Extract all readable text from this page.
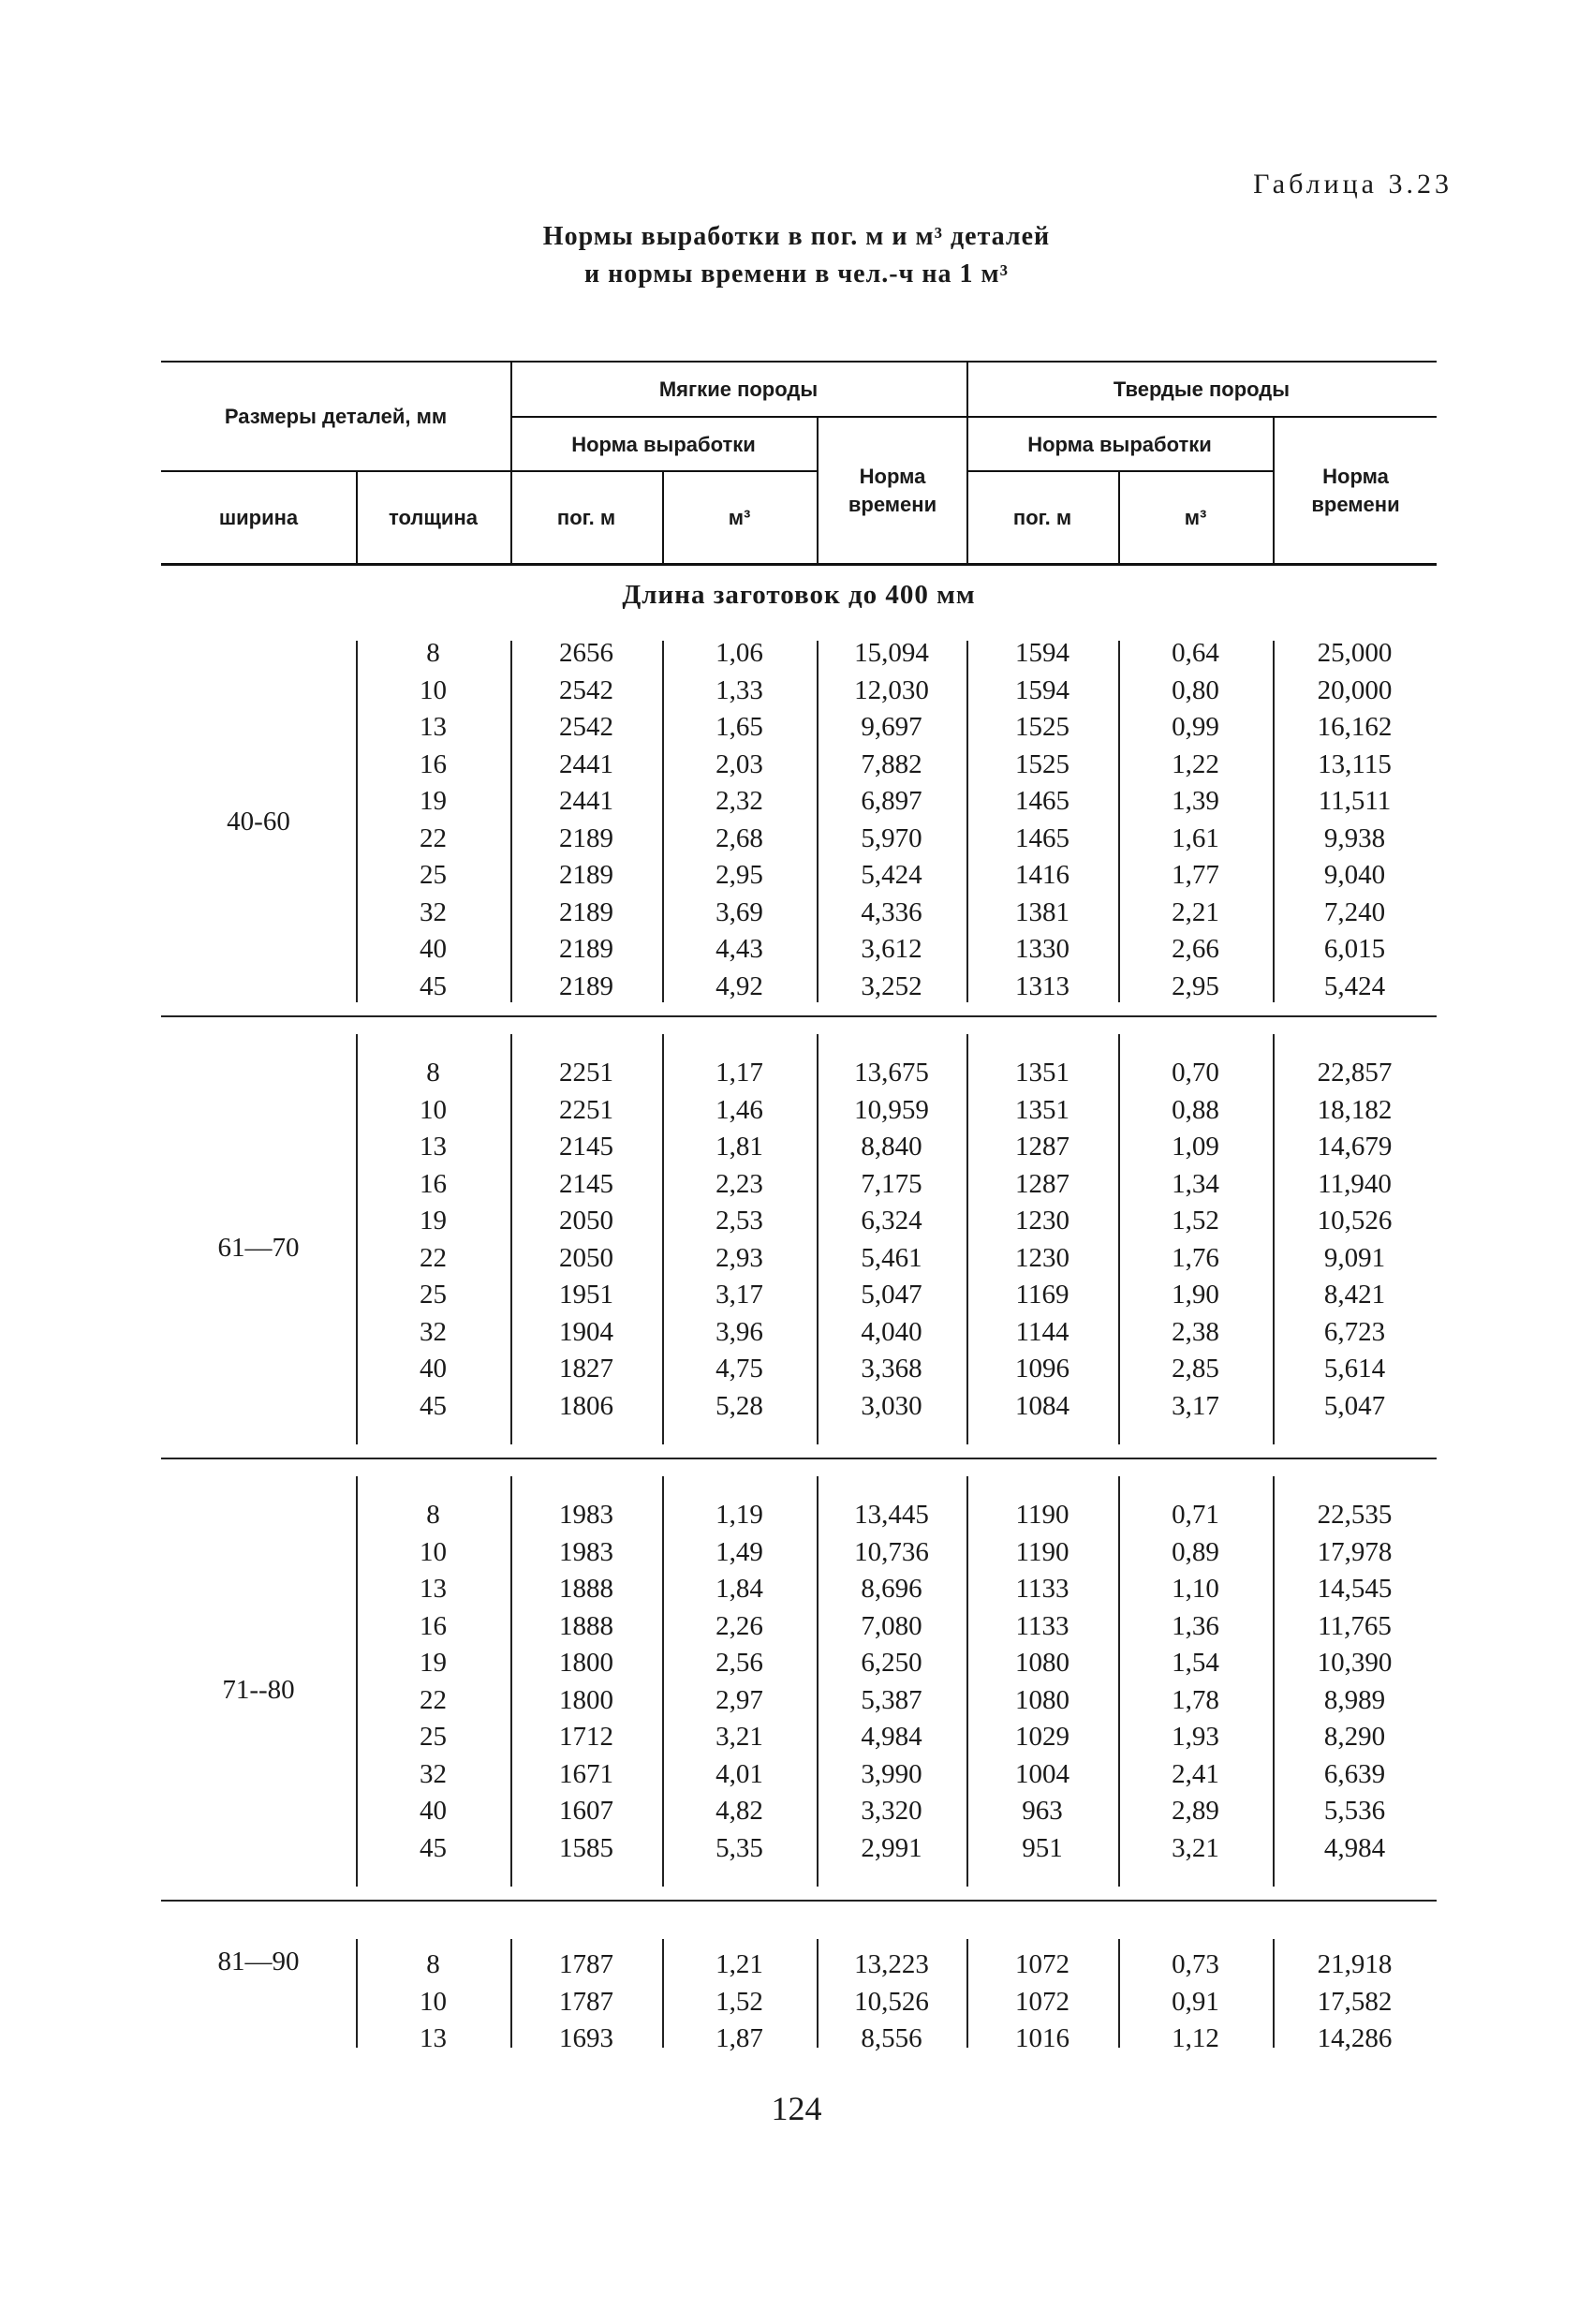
Габлица 3.23
Нормы выработки в пог. м и м³ деталей
и нормы времени в чел.-ч на 1 м³
Размеры деталей, мм
ширина	толщина
Мягкие породы
Норма выработки
пог. м	м³
Норма времени
Твердые породы
Норма выработки
пог. м	м³
Норма времени
Длина заготовок до 400 мм
40-60
8	2656	1,06	15,094	1594	0,64	25,000
10	2542	1,33	12,030	1594	0,80	20,000
13	2542	1,65	9,697	1525	0,99	16,162
16	2441	2,03	7,882	1525	1,22	13,115
19	2441	2,32	6,897	1465	1,39	11,511
22	2189	2,68	5,970	1465	1,61	9,938
25	2189	2,95	5,424	1416	1,77	9,040
32	2189	3,69	4,336	1381	2,21	7,240
40	2189	4,43	3,612	1330	2,66	6,015
45	2189	4,92	3,252	1313	2,95	5,424
61—70
8	2251	1,17	13,675	1351	0,70	22,857
10	2251	1,46	10,959	1351	0,88	18,182
13	2145	1,81	8,840	1287	1,09	14,679
16	2145	2,23	7,175	1287	1,34	11,940
19	2050	2,53	6,324	1230	1,52	10,526
22	2050	2,93	5,461	1230	1,76	9,091
25	1951	3,17	5,047	1169	1,90	8,421
32	1904	3,96	4,040	1144	2,38	6,723
40	1827	4,75	3,368	1096	2,85	5,614
45	1806	5,28	3,030	1084	3,17	5,047
71--80
8	1983	1,19	13,445	1190	0,71	22,535
10	1983	1,49	10,736	1190	0,89	17,978
13	1888	1,84	8,696	1133	1,10	14,545
16	1888	2,26	7,080	1133	1,36	11,765
19	1800	2,56	6,250	1080	1,54	10,390
22	1800	2,97	5,387	1080	1,78	8,989
25	1712	3,21	4,984	1029	1,93	8,290
32	1671	4,01	3,990	1004	2,41	6,639
40	1607	4,82	3,320	963	2,89	5,536
45	1585	5,35	2,991	951	3,21	4,984
81—90	8	1787	1,21	13,223	1072	0,73	21,918
10	1787	1,52	10,526	1072	0,91	17,582
13	1693	1,87	8,556	1016	1,12	14,286
124
